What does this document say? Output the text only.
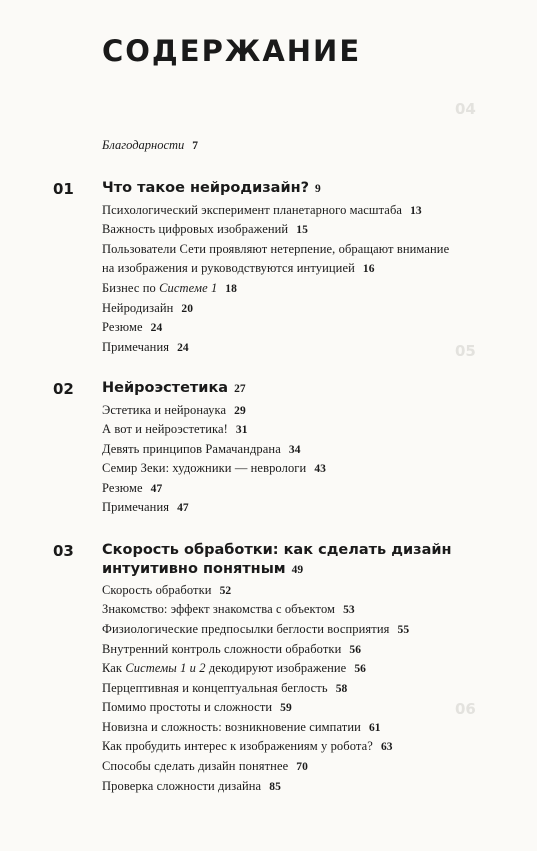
04
05
06
СОДЕРЖАНИЕ
Благодарности 7
01 Что такое нейродизайн? 9
Психологический эксперимент планетарного масштаба 13
Важность цифровых изображений 15
Пользователи Сети проявляют нетерпение, обращают внимание
на изображения и руководствуются интуицией 16
Бизнес по Системе 1 18
Нейродизайн 20
Резюме 24
Примечания 24
02 Нейроэстетика 27
Эстетика и нейронаука 29
А вот и нейроэстетика! 31
Девять принципов Рамачандрана 34
Семир Зеки: художники — неврологи 43
Резюме 47
Примечания 47
03 Скорость обработки: как сделать дизайн
интуитивно понятным 49
Скорость обработки 52
Знакомство: эффект знакомства с объектом 53
Физиологические предпосылки беглости восприятия 55
Внутренний контроль сложности обработки 56
Как Системы 1 и 2 декодируют изображение 56
Перцептивная и концептуальная беглость 58
Помимо простоты и сложности 59
Новизна и сложность: возникновение симпатии 61
Как пробудить интерес к изображениям у робота? 63
Способы сделать дизайн понятнее 70
Проверка сложности дизайна 85
